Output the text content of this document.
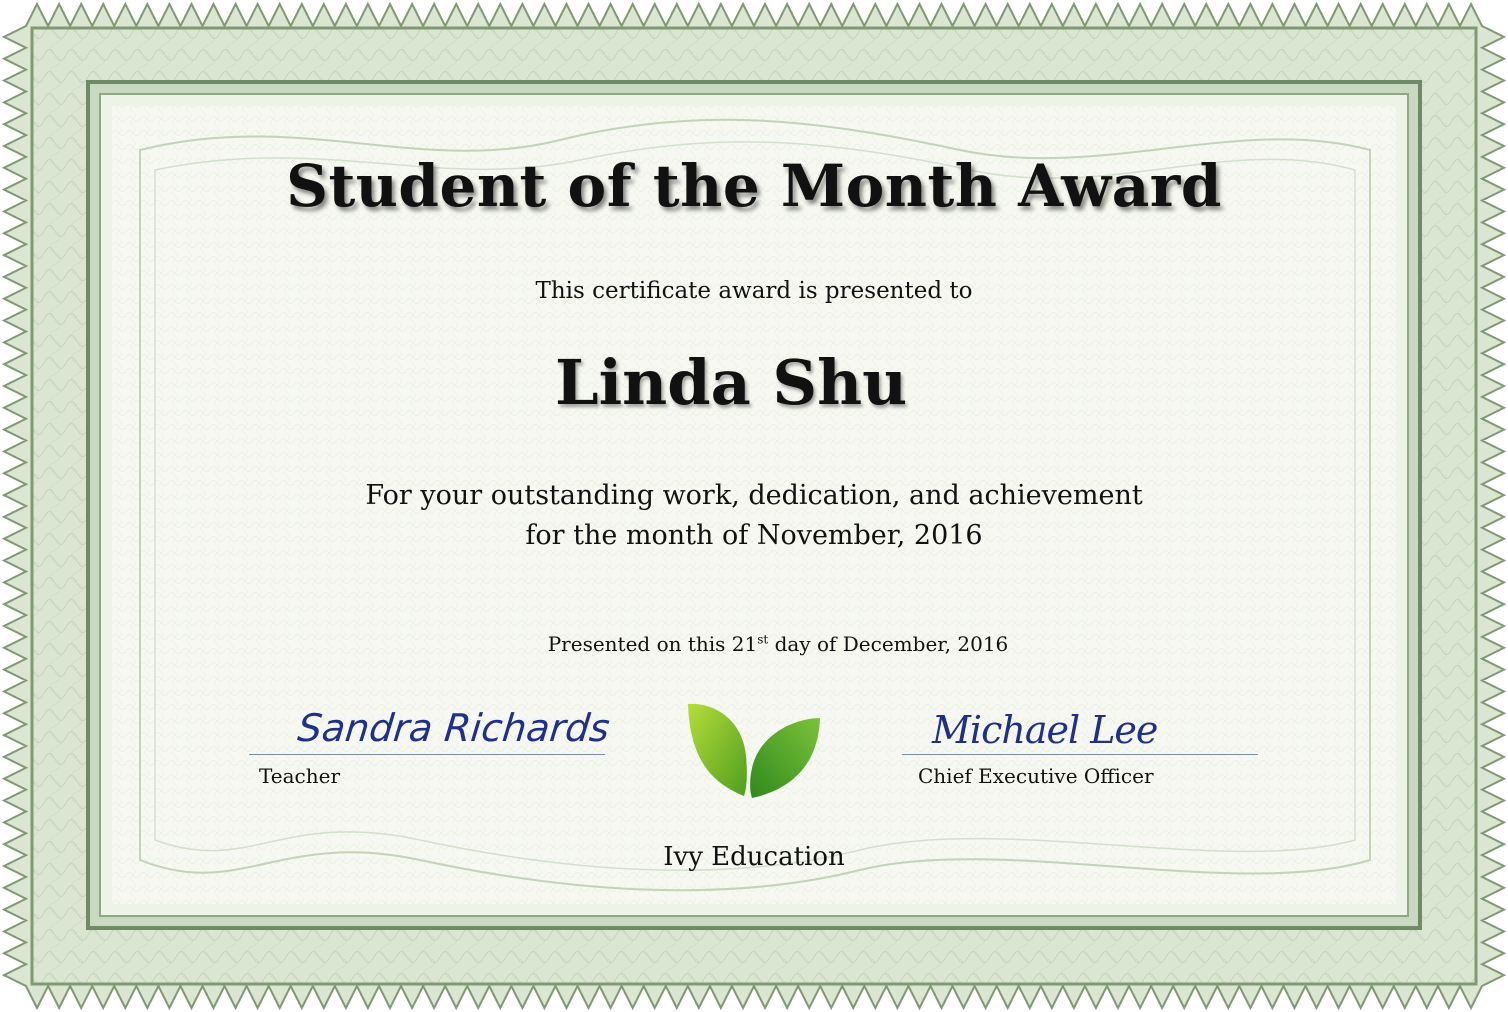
Student of the Month Award
This certificate award is presented to
Linda Shu
For your outstanding work, dedication, and achievement
for the month of November, 2016
Presented on this 21st day of December, 2016
Sandra Richards
Teacher
Michael Lee
Chief Executive Officer
Ivy Education
